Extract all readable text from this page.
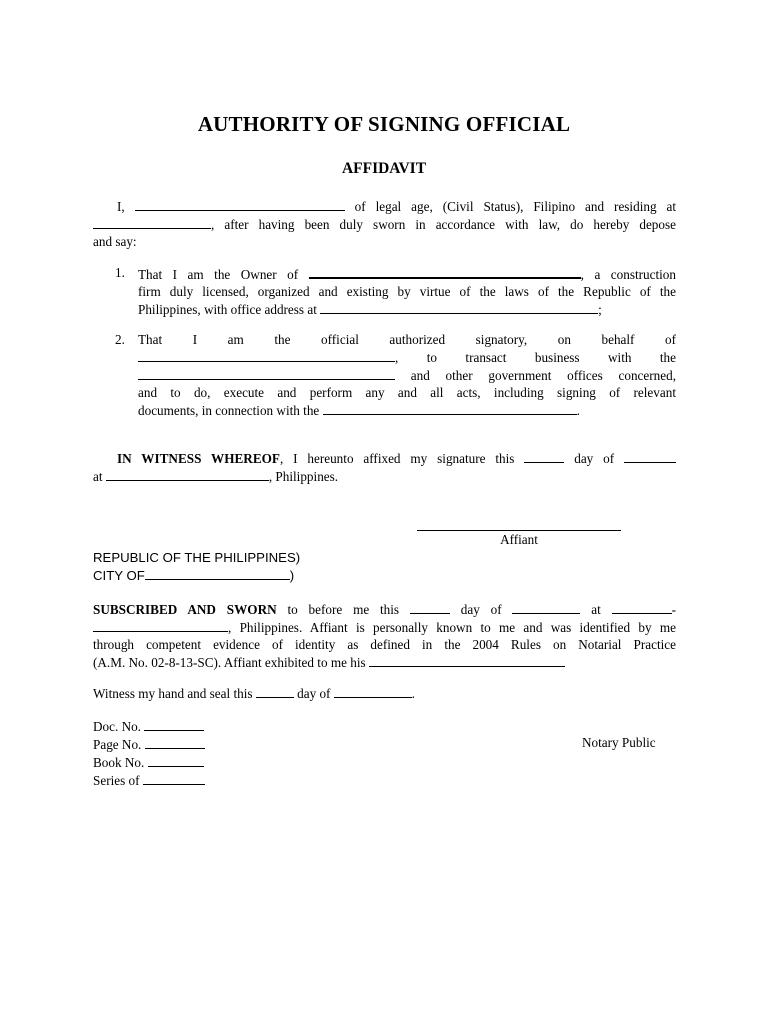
AUTHORITY OF SIGNING OFFICIAL
AFFIDAVIT
I,	of legal age, (Civil Status), Filipino and residing at
, after having been duly sworn in accordance with law, do hereby depose
and say:
1. That I am the Owner of	, a construction
firm duly licensed, organized and existing by virtue of the laws of the Republic of the
Philippines, with office address at	;
2. That I am the official authorized signatory, on behalf of
, to transact business with the
and other government offices concerned,
and to do, execute and perform any and all acts, including signing of relevant
documents, in connection with the	.
IN WITNESS WHEREOF, I hereunto affixed my signature this	day of
at	, Philippines.
Affiant
REPUBLIC OF THE PHILIPPINES)
CITY OF	)
SUBSCRIBED AND SWORN to before me this	day of	at	-
, Philippines. Affiant is personally known to me and was identified by me
through competent evidence of identity as defined in the 2004 Rules on Notarial Practice
(A.M. No. 02-8-13-SC). Affiant exhibited to me his
Witness my hand and seal this	day of	.
Doc. No.
Page No.
Book No.
Series of
Notary Public
